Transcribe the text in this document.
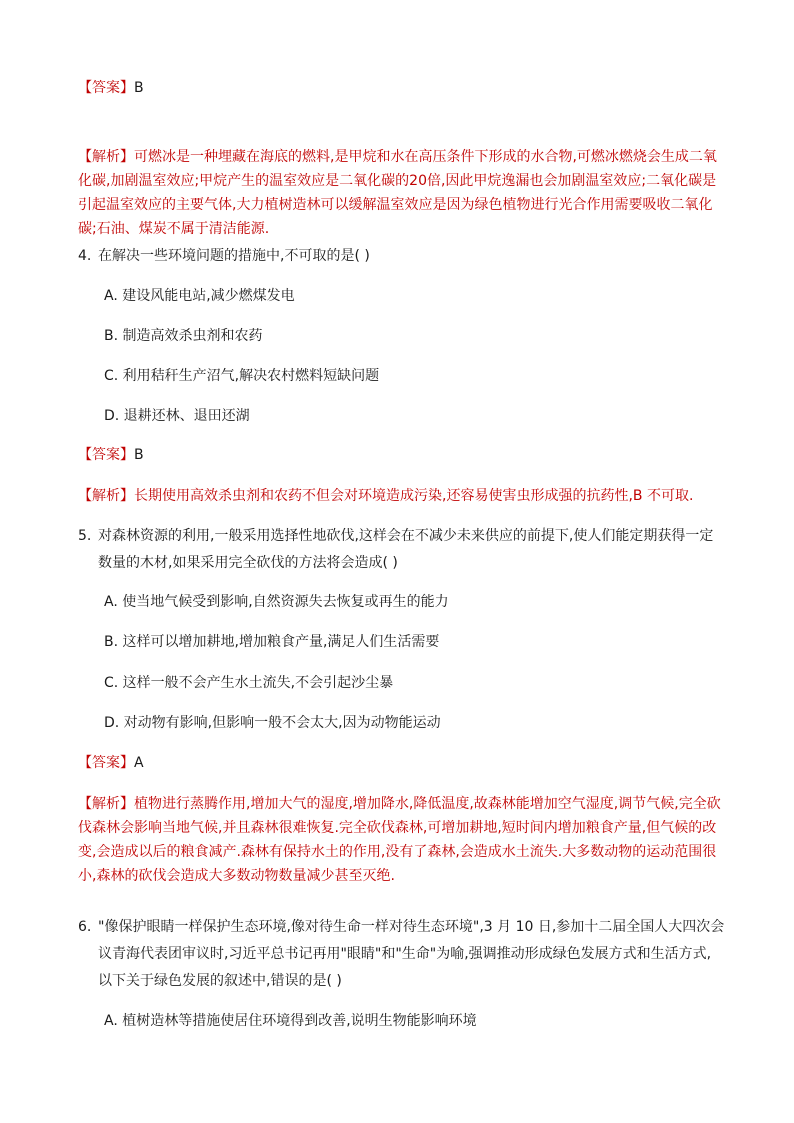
【答案】B
【解析】可燃冰是一种埋藏在海底的燃料,是甲烷和水在高压条件下形成的水合物,可燃冰燃烧会生成二氧
化碳,加剧温室效应;甲烷产生的温室效应是二氧化碳的20倍,因此甲烷逸漏也会加剧温室效应;二氧化碳是
引起温室效应的主要气体,大力植树造林可以缓解温室效应是因为绿色植物进行光合作用需要吸收二氧化
碳;石油、煤炭不属于清洁能源.
4. 在解决一些环境问题的措施中,不可取的是( )
A. 建设风能电站,减少燃煤发电
B. 制造高效杀虫剂和农药
C. 利用秸秆生产沼气,解决农村燃料短缺问题
D. 退耕还林、退田还湖
【答案】B
【解析】长期使用高效杀虫剂和农药不但会对环境造成污染,还容易使害虫形成强的抗药性,B 不可取.
5. 对森林资源的利用,一般采用选择性地砍伐,这样会在不减少未来供应的前提下,使人们能定期获得一定
数量的木材,如果采用完全砍伐的方法将会造成( )
A. 使当地气候受到影响,自然资源失去恢复或再生的能力
B. 这样可以增加耕地,增加粮食产量,满足人们生活需要
C. 这样一般不会产生水土流失,不会引起沙尘暴
D. 对动物有影响,但影响一般不会太大,因为动物能运动
【答案】A
【解析】植物进行蒸腾作用,增加大气的湿度,增加降水,降低温度,故森林能增加空气湿度,调节气候,完全砍
伐森林会影响当地气候,并且森林很难恢复.完全砍伐森林,可增加耕地,短时间内增加粮食产量,但气候的改
变,会造成以后的粮食减产.森林有保持水土的作用,没有了森林,会造成水土流失.大多数动物的运动范围很
小,森林的砍伐会造成大多数动物数量减少甚至灭绝.
6. "像保护眼睛一样保护生态环境,像对待生命一样对待生态环境",3 月 10 日,参加十二届全国人大四次会
议青海代表团审议时,习近平总书记再用"眼睛"和"生命"为喻,强调推动形成绿色发展方式和生活方式,
以下关于绿色发展的叙述中,错误的是( )
A. 植树造林等措施使居住环境得到改善,说明生物能影响环境
